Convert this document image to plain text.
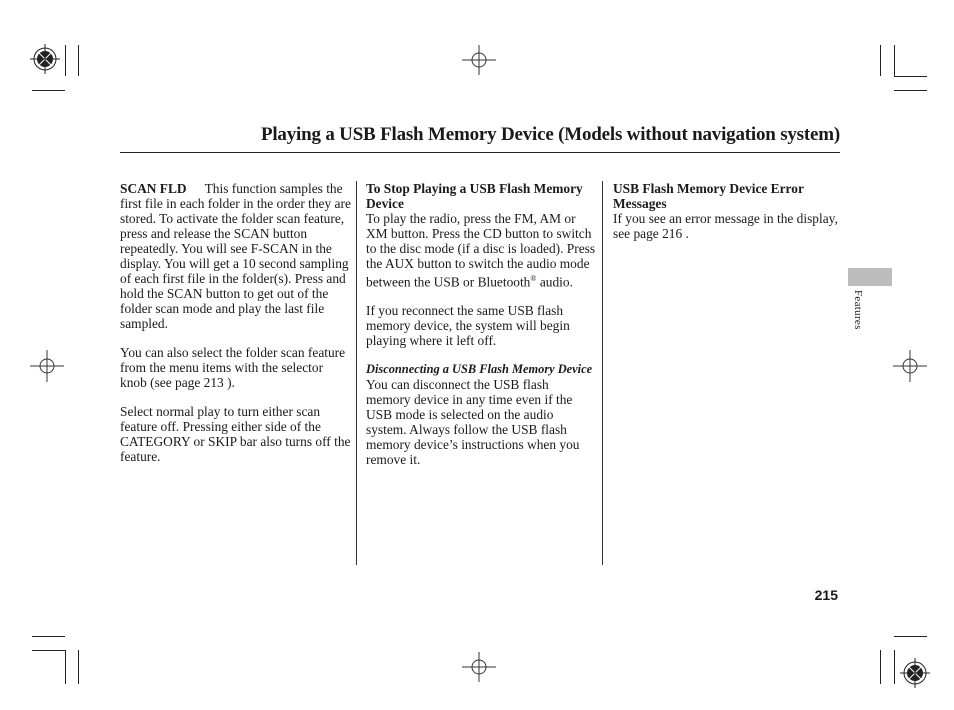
Playing a USB Flash Memory Device (Models without navigation system)

SCAN FLD This function samples the first file in each folder in the order they are stored. To activate the folder scan feature, press and release the SCAN button repeatedly. You will see F-SCAN in the display. You will get a 10 second sampling of each first file in the folder(s). Press and hold the SCAN button to get out of the folder scan mode and play the last file sampled.

You can also select the folder scan feature from the menu items with the selector knob (see page 213 ).

Select normal play to turn either scan feature off. Pressing either side of the CATEGORY or SKIP bar also turns off the feature.

To Stop Playing a USB Flash Memory Device

To play the radio, press the FM, AM or XM button. Press the CD button to switch to the disc mode (if a disc is loaded). Press the AUX button to switch the audio mode between the USB or Bluetooth® audio.

If you reconnect the same USB flash memory device, the system will begin playing where it left off.

Disconnecting a USB Flash Memory Device

You can disconnect the USB flash memory device in any time even if the USB mode is selected on the audio system. Always follow the USB flash memory device’s instructions when you remove it.

USB Flash Memory Device Error Messages

If you see an error message in the display, see page 216 .

Features
215
